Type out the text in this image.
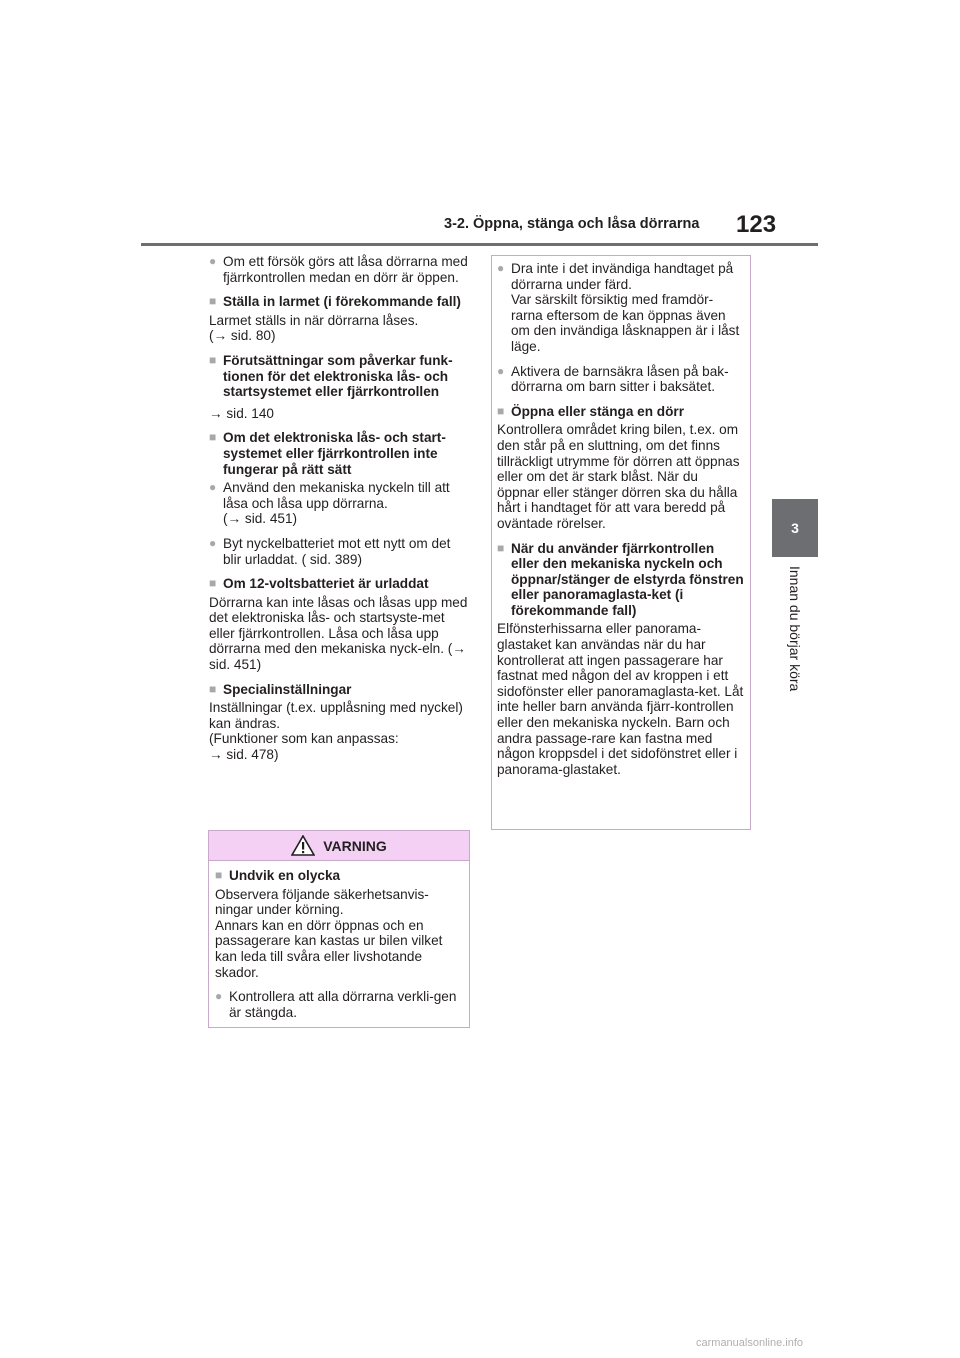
3-2. Öppna, stänga och låsa dörrarna 123
3
Innan du börjar köra
● Om ett försök görs att låsa dörrarna med fjärrkontrollen medan en dörr är öppen.
■ Ställa in larmet (i förekommande fall)

Larmet ställs in när dörrarna låses.

(→ sid. 80)

■ Förutsättningar som påverkar funk-tionen för det elektroniska lås- och startsystemet eller fjärrkontrollen

→ sid. 140

■ Om det elektroniska lås- och start-systemet eller fjärrkontrollen inte fungerar på rätt sätt
● Använd den mekaniska nyckeln till att låsa och låsa upp dörrarna.
(→ sid. 451)
● Byt nyckelbatteriet mot ett nytt om det blir urladdat. ( sid. 389)
■ Om 12-voltsbatteriet är urladdat

Dörrarna kan inte låsas och låsas upp med det elektroniska lås- och startsyste-met eller fjärrkontrollen. Låsa och låsa upp dörrarna med den mekaniska nyck-eln. (→ sid. 451)

■ Specialinställningar

Inställningar (t.ex. upplåsning med nyckel) kan ändras.

(Funktioner som kan anpassas:

→ sid. 478)

VARNING
■ Undvik en olycka

Observera följande säkerhetsanvis-ningar under körning.

Annars kan en dörr öppnas och en passagerare kan kastas ur bilen vilket kan leda till svåra eller livshotande skador.

● Kontrollera att alla dörrarna verkli-gen är stängda.
● Dra inte i det invändiga handtaget på dörrarna under färd.
Var särskilt försiktig med framdör-rarna eftersom de kan öppnas även om den invändiga låsknappen är i låst läge.
● Aktivera de barnsäkra låsen på bak-dörrarna om barn sitter i baksätet.
■ Öppna eller stänga en dörr

Kontrollera området kring bilen, t.ex. om den står på en sluttning, om det finns tillräckligt utrymme för dörren att öppnas eller om det är stark blåst. När du öppnar eller stänger dörren ska du hålla hårt i handtaget för att vara beredd på oväntade rörelser.

■ När du använder fjärrkontrollen eller den mekaniska nyckeln och öppnar/stänger de elstyrda fönstren eller panoramaglasta-ket (i förekommande fall)

Elfönsterhissarna eller panorama-glastaket kan användas när du har kontrollerat att ingen passagerare har fastnat med någon del av kroppen i ett sidofönster eller panoramaglasta-ket. Låt inte heller barn använda fjärr-kontrollen eller den mekaniska nyckeln. Barn och andra passage-rare kan fastna med någon kroppsdel i det sidofönstret eller i panorama-glastaket.

carmanualsonline.info
